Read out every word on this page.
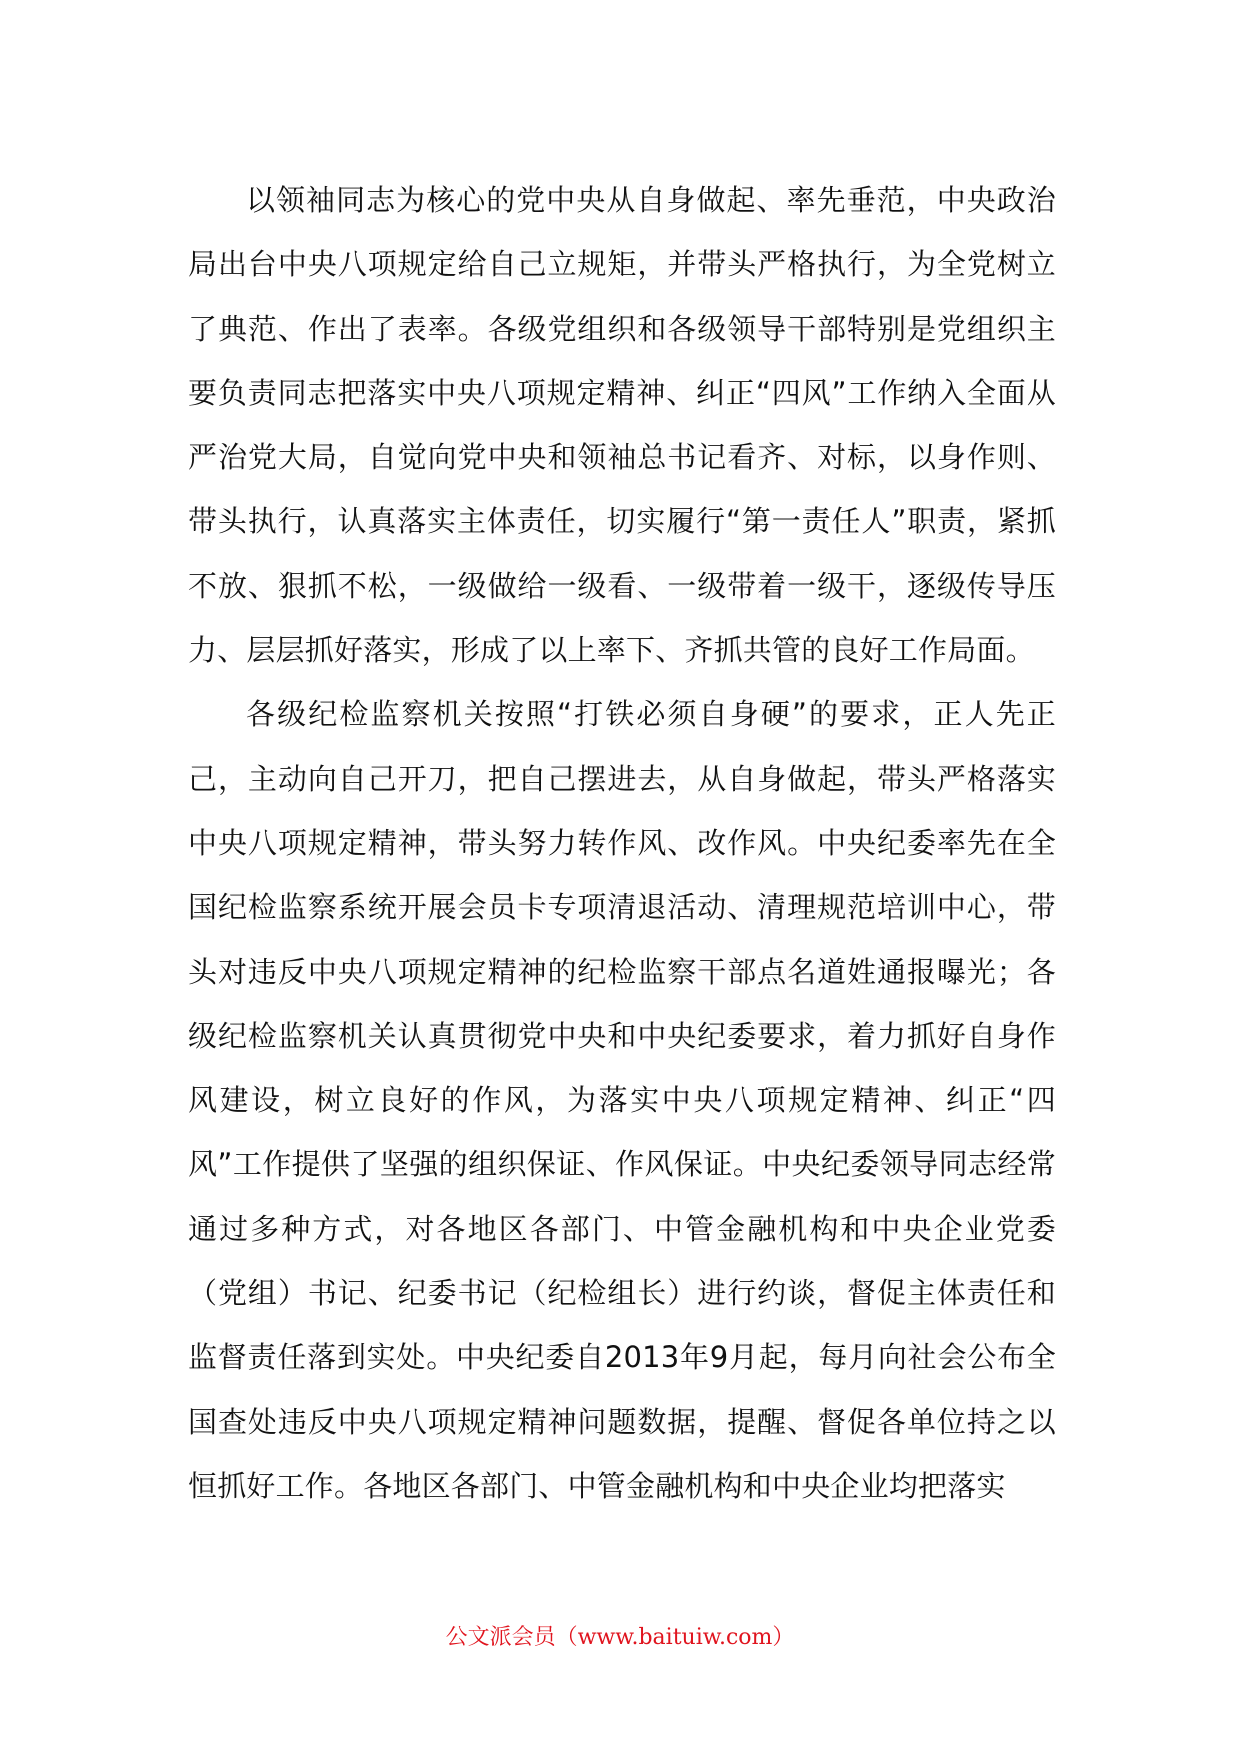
以领袖同志为核心的党中央从自身做起、率先垂范，中央政治局出台中央八项规定给自己立规矩，并带头严格执行，为全党树立了典范、作出了表率。各级党组织和各级领导干部特别是党组织主要负责同志把落实中央八项规定精神、纠正“四风”工作纳入全面从严治党大局，自觉向党中央和领袖总书记看齐、对标，以身作则、带头执行，认真落实主体责任，切实履行“第一责任人”职责，紧抓不放、狠抓不松，一级做给一级看、一级带着一级干，逐级传导压力、层层抓好落实，形成了以上率下、齐抓共管的良好工作局面。

各级纪检监察机关按照“打铁必须自身硬”的要求，正人先正己，主动向自己开刀，把自己摆进去，从自身做起，带头严格落实中央八项规定精神，带头努力转作风、改作风。中央纪委率先在全国纪检监察系统开展会员卡专项清退活动、清理规范培训中心，带头对违反中央八项规定精神的纪检监察干部点名道姓通报曝光；各级纪检监察机关认真贯彻党中央和中央纪委要求，着力抓好自身作风建设，树立良好的作风，为落实中央八项规定精神、纠正“四风”工作提供了坚强的组织保证、作风保证。中央纪委领导同志经常通过多种方式，对各地区各部门、中管金融机构和中央企业党委（党组）书记、纪委书记（纪检组长）进行约谈，督促主体责任和监督责任落到实处。中央纪委自2013年9月起，每月向社会公布全国查处违反中央八项规定精神问题数据，提醒、督促各单位持之以恒抓好工作。各地区各部门、中管金融机构和中央企业均把落实

公文派会员（www.baituiw.com）
